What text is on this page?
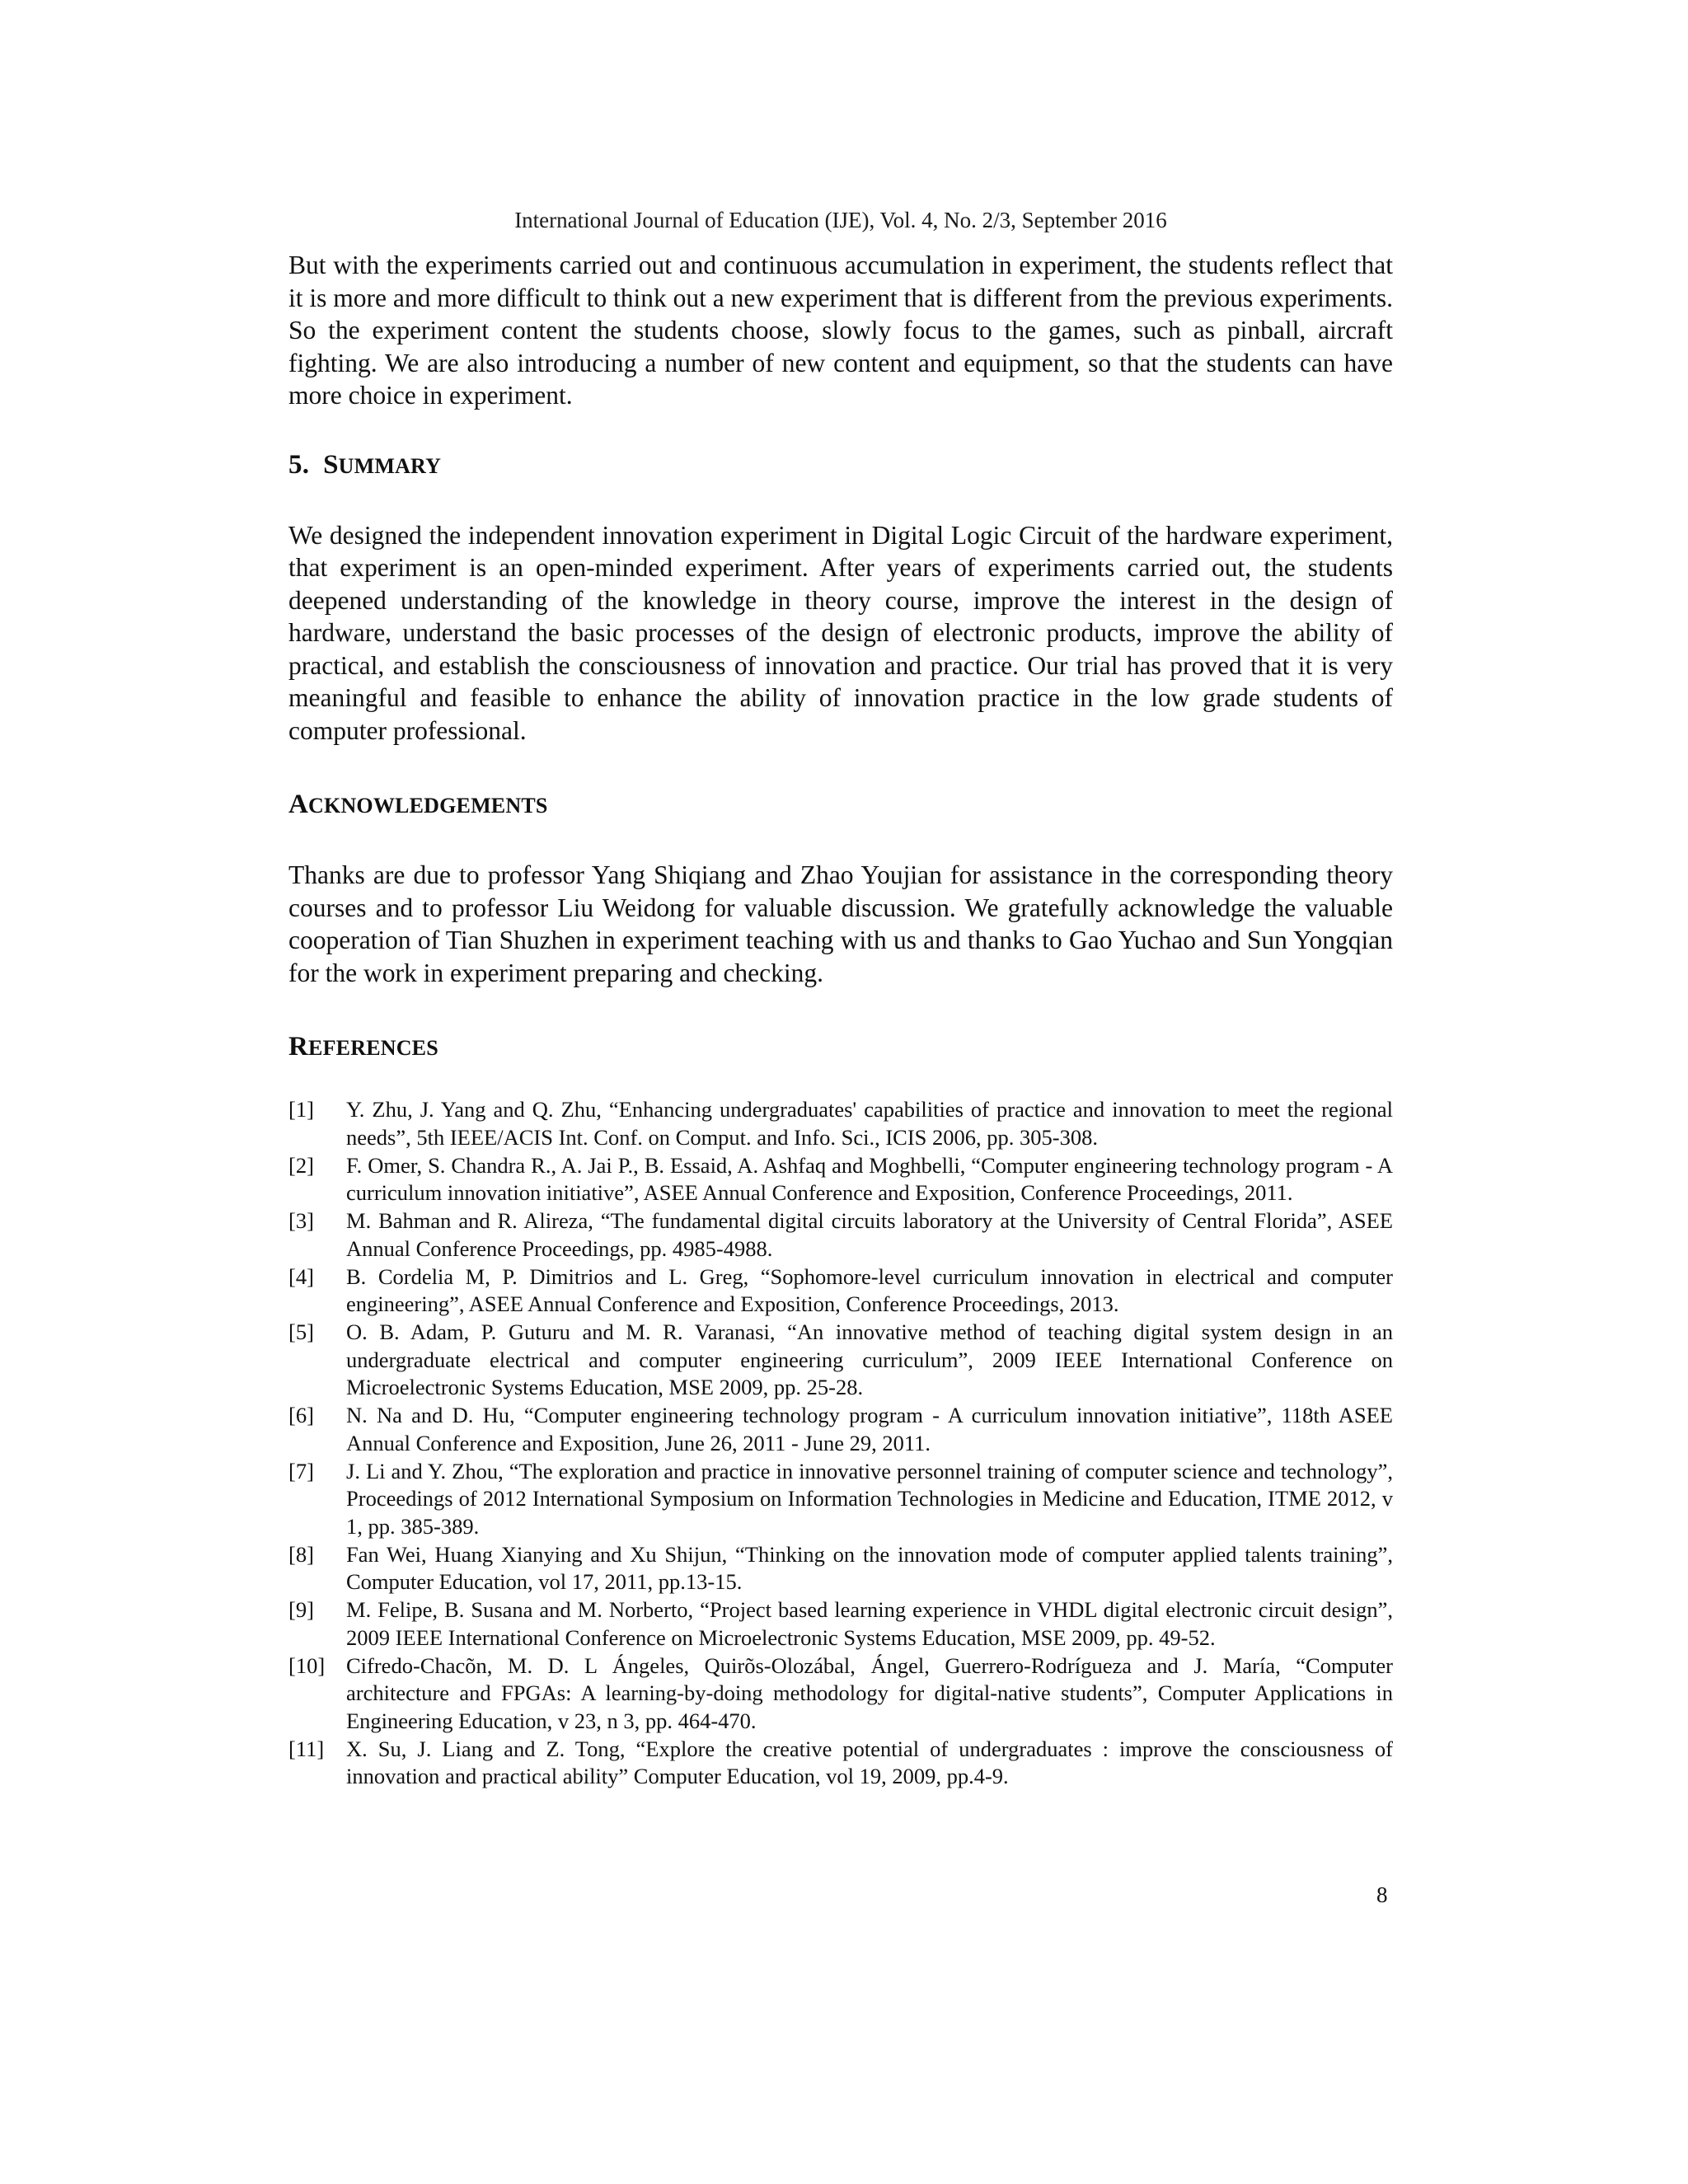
International Journal of Education (IJE), Vol. 4, No. 2/3, September 2016

But with the experiments carried out and continuous accumulation in experiment, the students reflect that it is more and more difficult to think out a new experiment that is different from the previous experiments. So the experiment content the students choose, slowly focus to the games, such as pinball, aircraft fighting. We are also introducing a number of new content and equipment, so that the students can have more choice in experiment.

5. SUMMARY

We designed the independent innovation experiment in Digital Logic Circuit of the hardware experiment, that experiment is an open-minded experiment. After years of experiments carried out, the students deepened understanding of the knowledge in theory course, improve the interest in the design of hardware, understand the basic processes of the design of electronic products, improve the ability of practical, and establish the consciousness of innovation and practice. Our trial has proved that it is very meaningful and feasible to enhance the ability of innovation practice in the low grade students of computer professional.

ACKNOWLEDGEMENTS

Thanks are due to professor Yang Shiqiang and Zhao Youjian for assistance in the corresponding theory courses and to professor Liu Weidong for valuable discussion. We gratefully acknowledge the valuable cooperation of Tian Shuzhen in experiment teaching with us and thanks to Gao Yuchao and Sun Yongqian for the work in experiment preparing and checking.

REFERENCES
[1]	Y. Zhu, J. Yang and Q. Zhu, “Enhancing undergraduates' capabilities of practice and innovation to meet the regional needs”, 5th IEEE/ACIS Int. Conf. on Comput. and Info. Sci., ICIS 2006, pp. 305-308.
[2]	F. Omer, S. Chandra R., A. Jai P., B. Essaid, A. Ashfaq and Moghbelli, “Computer engineering technology program - A curriculum innovation initiative”, ASEE Annual Conference and Exposition, Conference Proceedings, 2011.
[3]	M. Bahman and R. Alireza, “The fundamental digital circuits laboratory at the University of Central Florida”, ASEE Annual Conference Proceedings, pp. 4985-4988.
[4]	B. Cordelia M, P. Dimitrios and L. Greg, “Sophomore-level curriculum innovation in electrical and computer engineering”, ASEE Annual Conference and Exposition, Conference Proceedings, 2013.
[5]	O. B. Adam, P. Guturu and M. R. Varanasi, “An innovative method of teaching digital system design in an undergraduate electrical and computer engineering curriculum”, 2009 IEEE International Conference on Microelectronic Systems Education, MSE 2009, pp. 25-28.
[6]	N. Na and D. Hu, “Computer engineering technology program - A curriculum innovation initiative”, 118th ASEE Annual Conference and Exposition, June 26, 2011 - June 29, 2011.
[7]	J. Li and Y. Zhou, “The exploration and practice in innovative personnel training of computer science and technology”, Proceedings of 2012 International Symposium on Information Technologies in Medicine and Education, ITME 2012, v 1, pp. 385-389.
[8]	Fan Wei, Huang Xianying and Xu Shijun, “Thinking on the innovation mode of computer applied talents training”, Computer Education, vol 17, 2011, pp.13-15.
[9]	M. Felipe, B. Susana and M. Norberto, “Project based learning experience in VHDL digital electronic circuit design”, 2009 IEEE International Conference on Microelectronic Systems Education, MSE 2009, pp. 49-52.
[10] Cifredo-Chacõn, M. D. L Ángeles, Quirõs-Olozábal, Ángel, Guerrero-Rodrígueza and J. María, “Computer architecture and FPGAs: A learning-by-doing methodology for digital-native students”, Computer Applications in Engineering Education, v 23, n 3, pp. 464-470.
[11]	X. Su, J. Liang and Z. Tong, “Explore the creative potential of undergraduates : improve the consciousness of innovation and practical ability” Computer Education, vol 19, 2009, pp.4-9.
8
